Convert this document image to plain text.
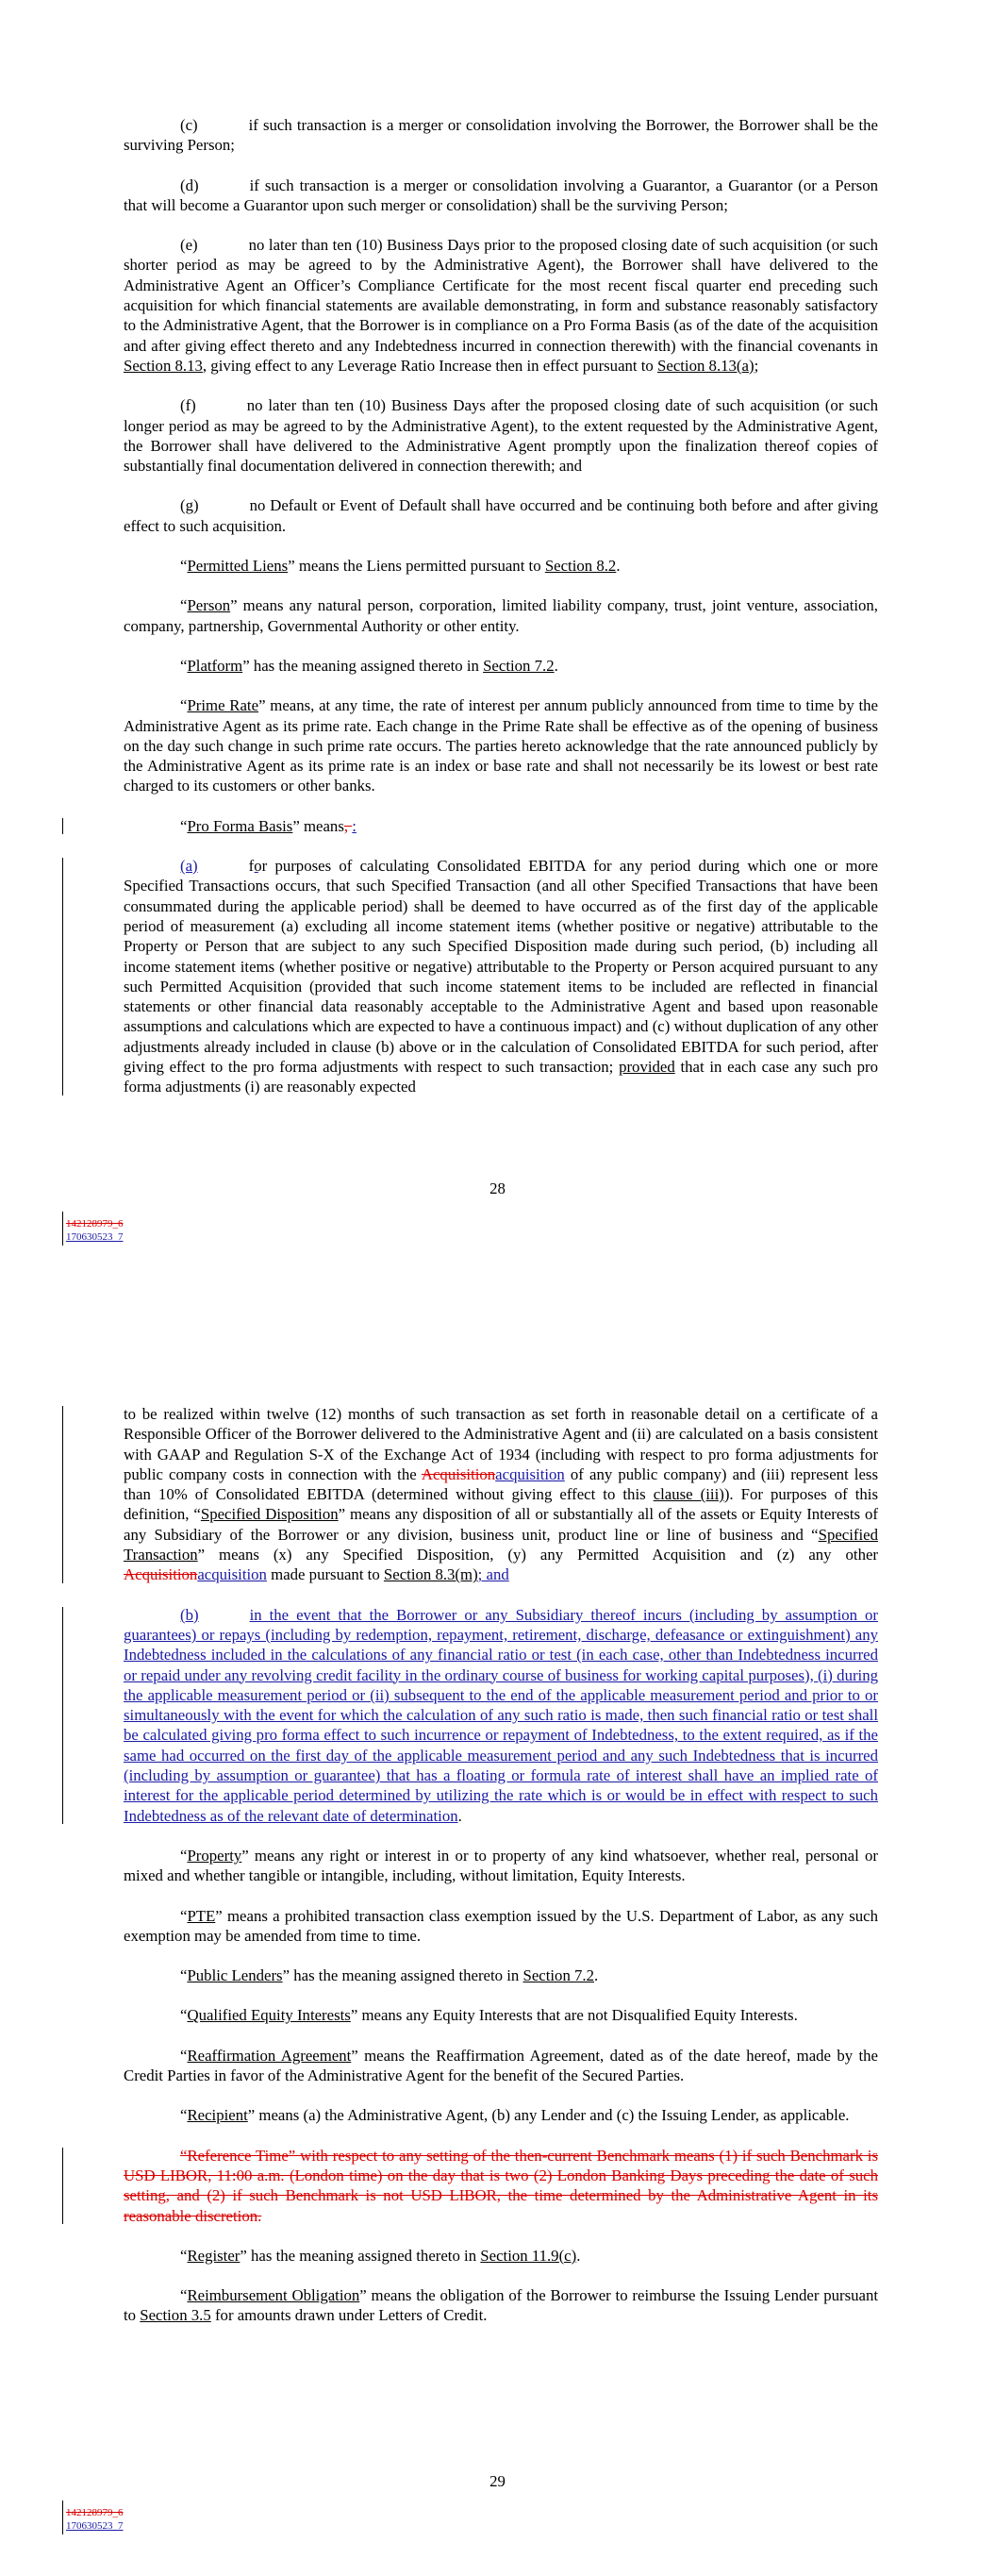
(c)	if such transaction is a merger or consolidation involving the Borrower, the Borrower shall be the surviving Person;

(d)	if such transaction is a merger or consolidation involving a Guarantor, a Guarantor (or a Person that will become a Guarantor upon such merger or consolidation) shall be the surviving Person;

(e)	no later than ten (10) Business Days prior to the proposed closing date of such acquisition (or such shorter period as may be agreed to by the Administrative Agent), the Borrower shall have delivered to the Administrative Agent an Officer’s Compliance Certificate for the most recent fiscal quarter end preceding such acquisition for which financial statements are available demonstrating, in form and substance reasonably satisfactory to the Administrative Agent, that the Borrower is in compliance on a Pro Forma Basis (as of the date of the acquisition and after giving effect thereto and any Indebtedness incurred in connection therewith) with the financial covenants in Section 8.13, giving effect to any Leverage Ratio Increase then in effect pursuant to Section 8.13(a);

(f)	no later than ten (10) Business Days after the proposed closing date of such acquisition (or such longer period as may be agreed to by the Administrative Agent), to the extent requested by the Administrative Agent, the Borrower shall have delivered to the Administrative Agent promptly upon the finalization thereof copies of substantially final documentation delivered in connection therewith; and

(g)	no Default or Event of Default shall have occurred and be continuing both before and after giving effect to such acquisition.

“Permitted Liens” means the Liens permitted pursuant to Section 8.2.

“Person” means any natural person, corporation, limited liability company, trust, joint venture, association, company, partnership, Governmental Authority or other entity.

“Platform” has the meaning assigned thereto in Section 7.2.

“Prime Rate” means, at any time, the rate of interest per annum publicly announced from time to time by the Administrative Agent as its prime rate. Each change in the Prime Rate shall be effective as of the opening of business on the day such change in such prime rate occurs. The parties hereto acknowledge that the rate announced publicly by the Administrative Agent as its prime rate is an index or base rate and shall not necessarily be its lowest or best rate charged to its customers or other banks.

“Pro Forma Basis” means, :

(a)	for purposes of calculating Consolidated EBITDA for any period during which one or more Specified Transactions occurs, that such Specified Transaction (and all other Specified Transactions that have been consummated during the applicable period) shall be deemed to have occurred as of the first day of the applicable period of measurement (a) excluding all income statement items (whether positive or negative) attributable to the Property or Person that are subject to any such Specified Disposition made during such period, (b) including all income statement items (whether positive or negative) attributable to the Property or Person acquired pursuant to any such Permitted Acquisition (provided that such income statement items to be included are reflected in financial statements or other financial data reasonably acceptable to the Administrative Agent and based upon reasonable assumptions and calculations which are expected to have a continuous impact) and (c) without duplication of any other adjustments already included in clause (b) above or in the calculation of Consolidated EBITDA for such period, after giving effect to the pro forma adjustments with respect to such transaction; provided that in each case any such pro forma adjustments (i) are reasonably expected

28
142128979_6
170630523_7

to be realized within twelve (12) months of such transaction as set forth in reasonable detail on a certificate of a Responsible Officer of the Borrower delivered to the Administrative Agent and (ii) are calculated on a basis consistent with GAAP and Regulation S-X of the Exchange Act of 1934 (including with respect to pro forma adjustments for public company costs in connection with the Acquisitionacquisition of any public company) and (iii) represent less than 10% of Consolidated EBITDA (determined without giving effect to this clause (iii)). For purposes of this definition, “Specified Disposition” means any disposition of all or substantially all of the assets or Equity Interests of any Subsidiary of the Borrower or any division, business unit, product line or line of business and “Specified Transaction” means (x) any Specified Disposition, (y) any Permitted Acquisition and (z) any other Acquisitionacquisition made pursuant to Section 8.3(m); and

(b)	in the event that the Borrower or any Subsidiary thereof incurs (including by assumption or guarantees) or repays (including by redemption, repayment, retirement, discharge, defeasance or extinguishment) any Indebtedness included in the calculations of any financial ratio or test (in each case, other than Indebtedness incurred or repaid under any revolving credit facility in the ordinary course of business for working capital purposes), (i) during the applicable measurement period or (ii) subsequent to the end of the applicable measurement period and prior to or simultaneously with the event for which the calculation of any such ratio is made, then such financial ratio or test shall be calculated giving pro forma effect to such incurrence or repayment of Indebtedness, to the extent required, as if the same had occurred on the first day of the applicable measurement period and any such Indebtedness that is incurred (including by assumption or guarantee) that has a floating or formula rate of interest shall have an implied rate of interest for the applicable period determined by utilizing the rate which is or would be in effect with respect to such Indebtedness as of the relevant date of determination.

“Property” means any right or interest in or to property of any kind whatsoever, whether real, personal or mixed and whether tangible or intangible, including, without limitation, Equity Interests.

“PTE” means a prohibited transaction class exemption issued by the U.S. Department of Labor, as any such exemption may be amended from time to time.

“Public Lenders” has the meaning assigned thereto in Section 7.2.

“Qualified Equity Interests” means any Equity Interests that are not Disqualified Equity Interests.

“Reaffirmation Agreement” means the Reaffirmation Agreement, dated as of the date hereof, made by the Credit Parties in favor of the Administrative Agent for the benefit of the Secured Parties.

“Recipient” means (a) the Administrative Agent, (b) any Lender and (c) the Issuing Lender, as applicable.

“Reference Time” with respect to any setting of the then-current Benchmark means (1) if such Benchmark is USD LIBOR, 11:00 a.m. (London time) on the day that is two (2) London Banking Days preceding the date of such setting, and (2) if such Benchmark is not USD LIBOR, the time determined by the Administrative Agent in its reasonable discretion.

“Register” has the meaning assigned thereto in Section 11.9(c).

“Reimbursement Obligation” means the obligation of the Borrower to reimburse the Issuing Lender pursuant to Section 3.5 for amounts drawn under Letters of Credit.

29
142128979_6
170630523_7
